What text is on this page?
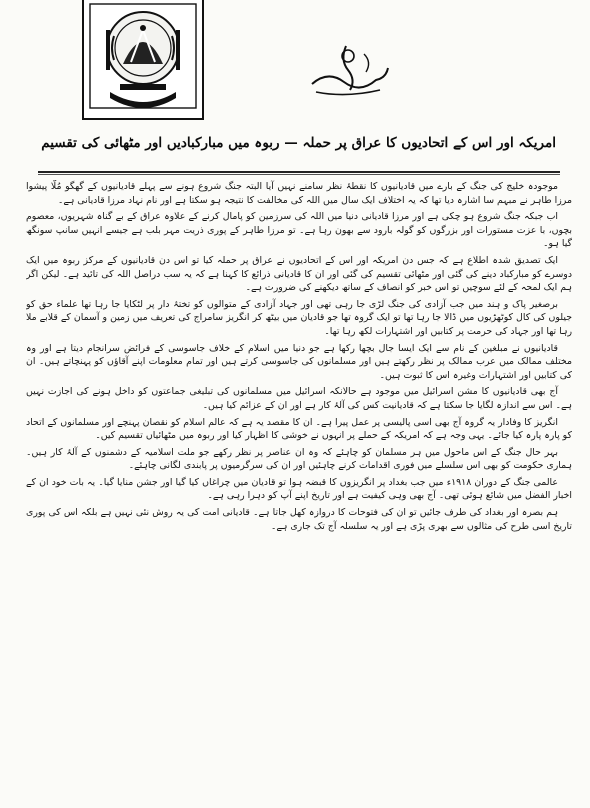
امریکہ اور اس کے اتحادیوں کا عراق پر حملہ — ربوہ میں مبارکبادیں اور مٹھائی کی تقسیم

موجودہ خلیج کی جنگ کے بارے میں قادیانیوں کا نقطۂ نظر سامنے نہیں آیا البتہ جنگ شروع ہونے سے پہلے قادیانیوں کے گھگو مُلّا پیشوا مرزا طاہر نے مبہم سا اشارہ دیا تھا کہ یہ اختلاف ایک سال میں اللہ کی مخالفت کا نتیجہ ہو سکتا ہے اور نام نہاد مرزا قادیانی ہے۔

اب جبکہ جنگ شروع ہو چکی ہے اور مرزا قادیانی دنیا میں اللہ کی سرزمین کو پامال کرنے کے علاوہ عراق کے بے گناہ شہریوں، معصوم بچوں، با عزت مستورات اور بزرگوں کو گولہ بارود سے بھون رہا ہے۔ تو مرزا طاہر کے پوری ذریت مہر بلب ہے جیسے انہیں سانپ سونگھ گیا ہو۔

ایک تصدیق شدہ اطلاع ہے کہ جس دن امریکہ اور اس کے اتحادیوں نے عراق پر حملہ کیا تو اس دن قادیانیوں کے مرکز ربوہ میں ایک دوسرے کو مبارکباد دینے کی گئی اور مٹھائی تقسیم کی گئی اور ان کا قادیانی ذرائع کا کہنا ہے کہ یہ سب دراصل اللہ کی تائید ہے۔ لیکن اگر ہم ایک لمحہ کے لئے سوچیں تو اس خبر کو انصاف کے ساتھ دیکھنے کی ضرورت ہے۔

برصغیر پاک و ہند میں جب آزادی کی جنگ لڑی جا رہی تھی اور جہاد آزادی کے متوالوں کو تختۂ دار پر لٹکایا جا رہا تھا علماء حق کو جیلوں کی کال کوٹھڑیوں میں ڈالا جا رہا تھا تو ایک گروہ تھا جو قادیان میں بیٹھ کر انگریز سامراج کی تعریف میں زمین و آسمان کے قلابے ملا رہا تھا اور جہاد کی حرمت پر کتابیں اور اشتہارات لکھ رہا تھا۔

قادیانیوں نے مبلغین کے نام سے ایک ایسا جال بچھا رکھا ہے جو دنیا میں اسلام کے خلاف جاسوسی کے فرائض سرانجام دیتا ہے اور وہ مختلف ممالک میں عرب ممالک پر نظر رکھتے ہیں اور مسلمانوں کی جاسوسی کرتے ہیں اور تمام معلومات اپنے آقاؤں کو پہنچاتے ہیں۔ ان کی کتابیں اور اشتہارات وغیرہ اس کا ثبوت ہیں۔

آج بھی قادیانیوں کا مشن اسرائیل میں موجود ہے حالانکہ اسرائیل میں مسلمانوں کی تبلیغی جماعتوں کو داخل ہونے کی اجازت نہیں ہے۔ اس سے اندازہ لگایا جا سکتا ہے کہ قادیانیت کس کی آلۂ کار ہے اور ان کے عزائم کیا ہیں۔

انگریز کا وفادار یہ گروہ آج بھی اسی پالیسی پر عمل پیرا ہے۔ ان کا مقصد یہ ہے کہ عالم اسلام کو نقصان پہنچے اور مسلمانوں کے اتحاد کو پارہ پارہ کیا جائے۔ یہی وجہ ہے کہ امریکہ کے حملے پر انہوں نے خوشی کا اظہار کیا اور ربوہ میں مٹھائیاں تقسیم کیں۔

بہر حال جنگ کے اس ماحول میں ہر مسلمان کو چاہئے کہ وہ ان عناصر پر نظر رکھے جو ملت اسلامیہ کے دشمنوں کے آلۂ کار ہیں۔ ہماری حکومت کو بھی اس سلسلے میں فوری اقدامات کرنے چاہئیں اور ان کی سرگرمیوں پر پابندی لگانی چاہئے۔

عالمی جنگ کے دوران ۱۹۱۸ء میں جب بغداد پر انگریزوں کا قبضہ ہوا تو قادیان میں چراغاں کیا گیا اور جشن منایا گیا۔ یہ بات خود ان کے اخبار الفضل میں شائع ہوئی تھی۔ آج بھی وہی کیفیت ہے اور تاریخ اپنے آپ کو دہرا رہی ہے۔

ہم بصرہ اور بغداد کی طرف جائیں تو ان کی فتوحات کا دروازہ کھل جاتا ہے۔ قادیانی امت کی یہ روش نئی نہیں ہے بلکہ اس کی پوری تاریخ اسی طرح کی مثالوں سے بھری پڑی ہے اور یہ سلسلہ آج تک جاری ہے۔
